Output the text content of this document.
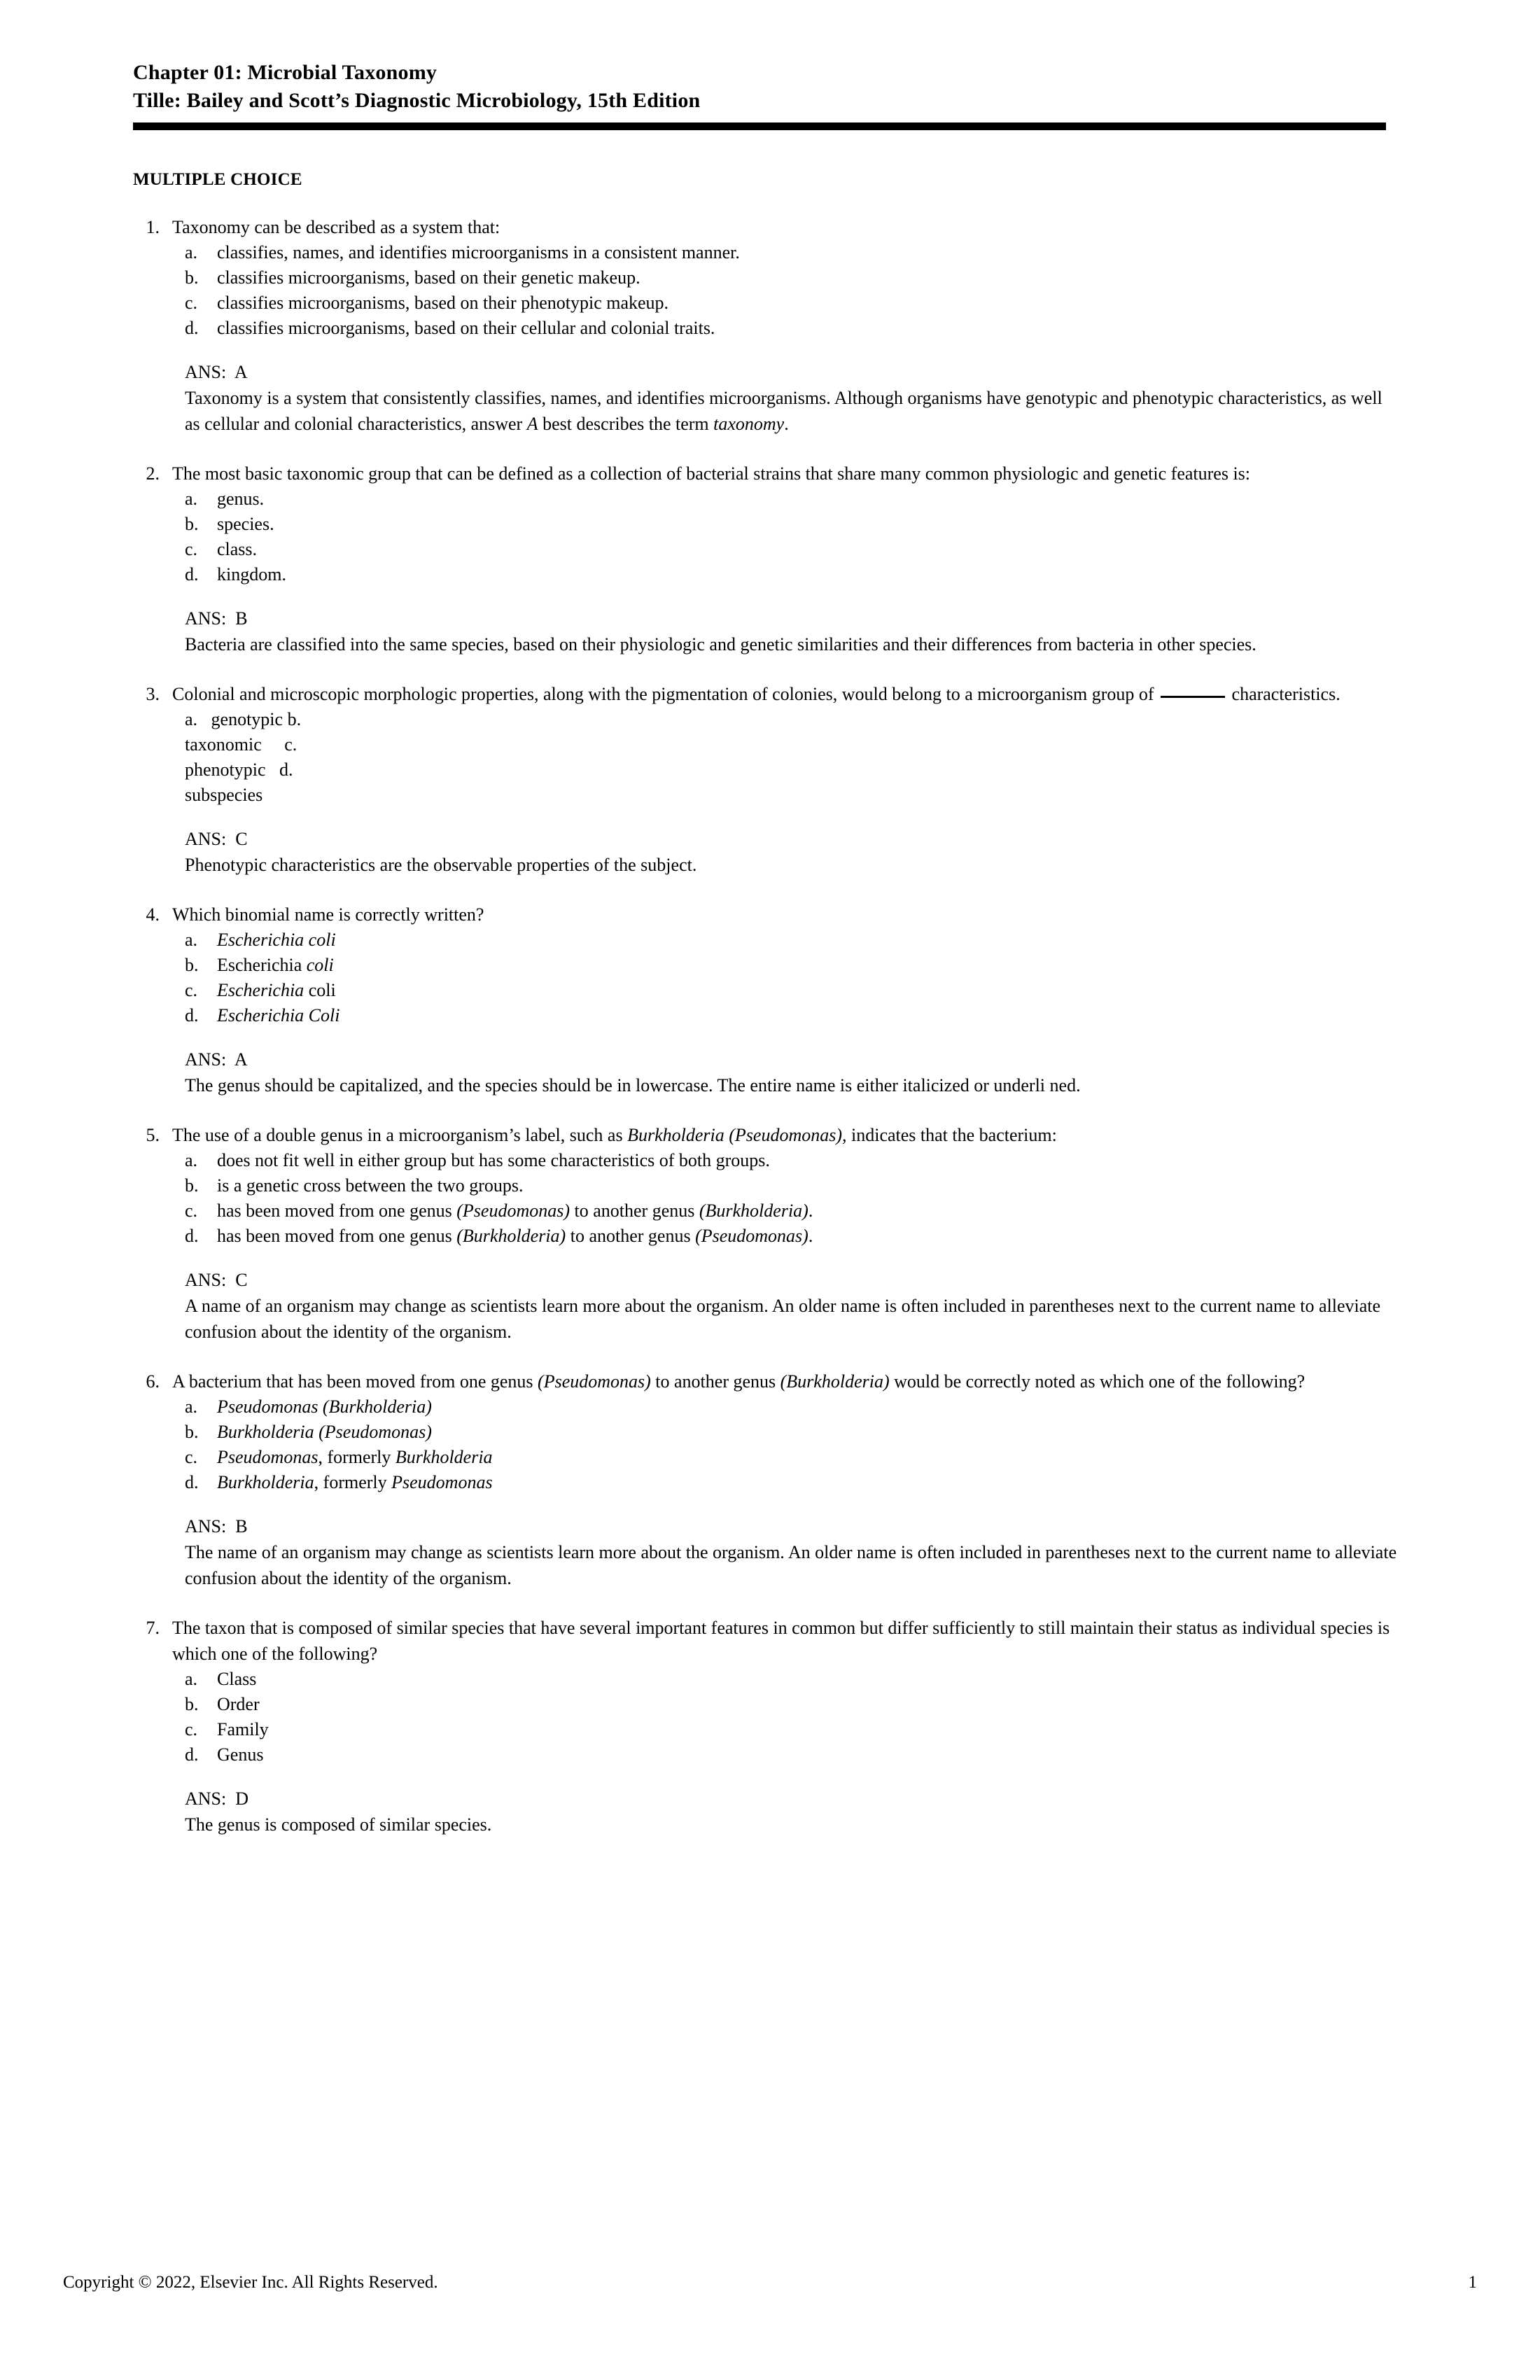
Chapter 01: Microbial Taxonomy
Tille: Bailey and Scott’s Diagnostic Microbiology, 15th Edition
MULTIPLE CHOICE
1. Taxonomy can be described as a system that:
a.	classifies, names, and identifies microorganisms in a consistent manner.
b.	classifies microorganisms, based on their genetic makeup.
c.	classifies microorganisms, based on their phenotypic makeup.
d.	classifies microorganisms, based on their cellular and colonial traits.
ANS: A
Taxonomy is a system that consistently classifies, names, and identifies microorganisms. Although organisms have genotypic and phenotypic characteristics, as well as cellular and colonial characteristics, answer A best describes the term taxonomy.
2. The most basic taxonomic group that can be defined as a collection of bacterial strains that share many common physiologic and genetic features is:
a.	genus.
b.	species.
c.	class.
d.	kingdom.
ANS: B
Bacteria are classified into the same species, based on their physiologic and genetic similarities and their differences from bacteria in other species.
3. Colonial and microscopic morphologic properties, along with the pigmentation of colonies, would belong to a microorganism group of	characteristics.
a.   genotypic b.
taxonomic     c.
phenotypic   d.
subspecies
ANS: C
Phenotypic characteristics are the observable properties of the subject.
4. Which binomial name is correctly written?
a.	Escherichia coli
b.	Escherichia coli
c.	Escherichia coli
d.	Escherichia Coli
ANS: A
The genus should be capitalized, and the species should be in lowercase. The entire name is either italicized or underli ned.
5. The use of a double genus in a microorganism’s label, such as Burkholderia (Pseudomonas), indicates that the bacterium:
a.	does not fit well in either group but has some characteristics of both groups.
b.	is a genetic cross between the two groups.
c.	has been moved from one genus (Pseudomonas) to another genus (Burkholderia).
d.	has been moved from one genus (Burkholderia) to another genus (Pseudomonas).
ANS: C
A name of an organism may change as scientists learn more about the organism. An older name is often included in parentheses next to the current name to alleviate confusion about the identity of the organism.
6. A bacterium that has been moved from one genus (Pseudomonas) to another genus (Burkholderia) would be correctly noted as which one of the following?
a.	Pseudomonas (Burkholderia)
b.	Burkholderia (Pseudomonas)
c.	Pseudomonas, formerly Burkholderia
d.	Burkholderia, formerly Pseudomonas
ANS: B
The name of an organism may change as scientists learn more about the organism. An older name is often included in parentheses next to the current name to alleviate confusion about the identity of the organism.
7. The taxon that is composed of similar species that have several important features in common but differ sufficiently to still maintain their status as individual species is which one of the following?
a.	Class
b.	Order
c.	Family
d.	Genus
ANS: D
The genus is composed of similar species.
Copyright © 2022, Elsevier Inc. All Rights Reserved.	1
